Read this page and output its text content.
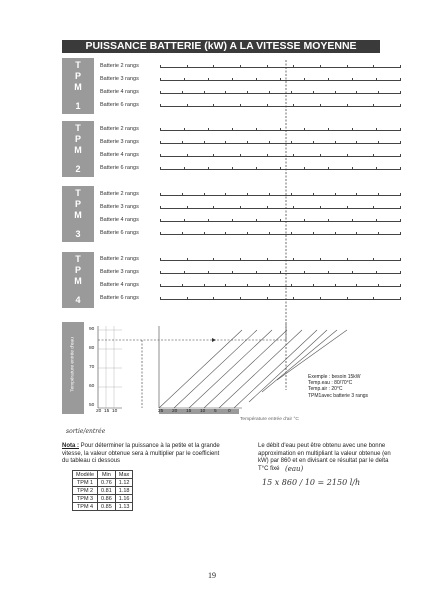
PUISSANCE BATTERIE (kW) A LA VITESSE MOYENNE
T
P
M
1
Batterie 2 rangs
Batterie 3 rangs
Batterie 4 rangs
Batterie 6 rangs
T
P
M
2
Batterie 2 rangs
Batterie 3 rangs
Batterie 4 rangs
Batterie 6 rangs
T
P
M
3
Batterie 2 rangs
Batterie 3 rangs
Batterie 4 rangs
Batterie 6 rangs
T
P
M
4
Batterie 2 rangs
Batterie 3 rangs
Batterie 4 rangs
Batterie 6 rangs
Température entrée d'eau
90
80
70
60
50
20 15 10	25 20 15 10 5 0
Température entrée d'air °C
Exemple : besoin 15kW
Temp.eau : 80/70°C
Temp.air : 20°C
TPM1avec batterie 3 rangs
sortie/entrée
Nota : Pour déterminer la puissance à la petite et la grande vitesse, la valeur obtenue sera à multiplier par le coefficient du tableau ci dessous
Modèle	Min	Max
TPM 1	0.76	1.12
TPM 2	0.81	1.18
TPM 3	0.86	1.16
TPM 4	0.85	1.13
Le débit d'eau peut être obtenu avec une bonne approximation en multipliant la valeur obtenue (en kW) par 860 et en divisant ce résultat par le delta T°C fixé (eau)
15 x 860 / 10 = 2150 l/h
19
